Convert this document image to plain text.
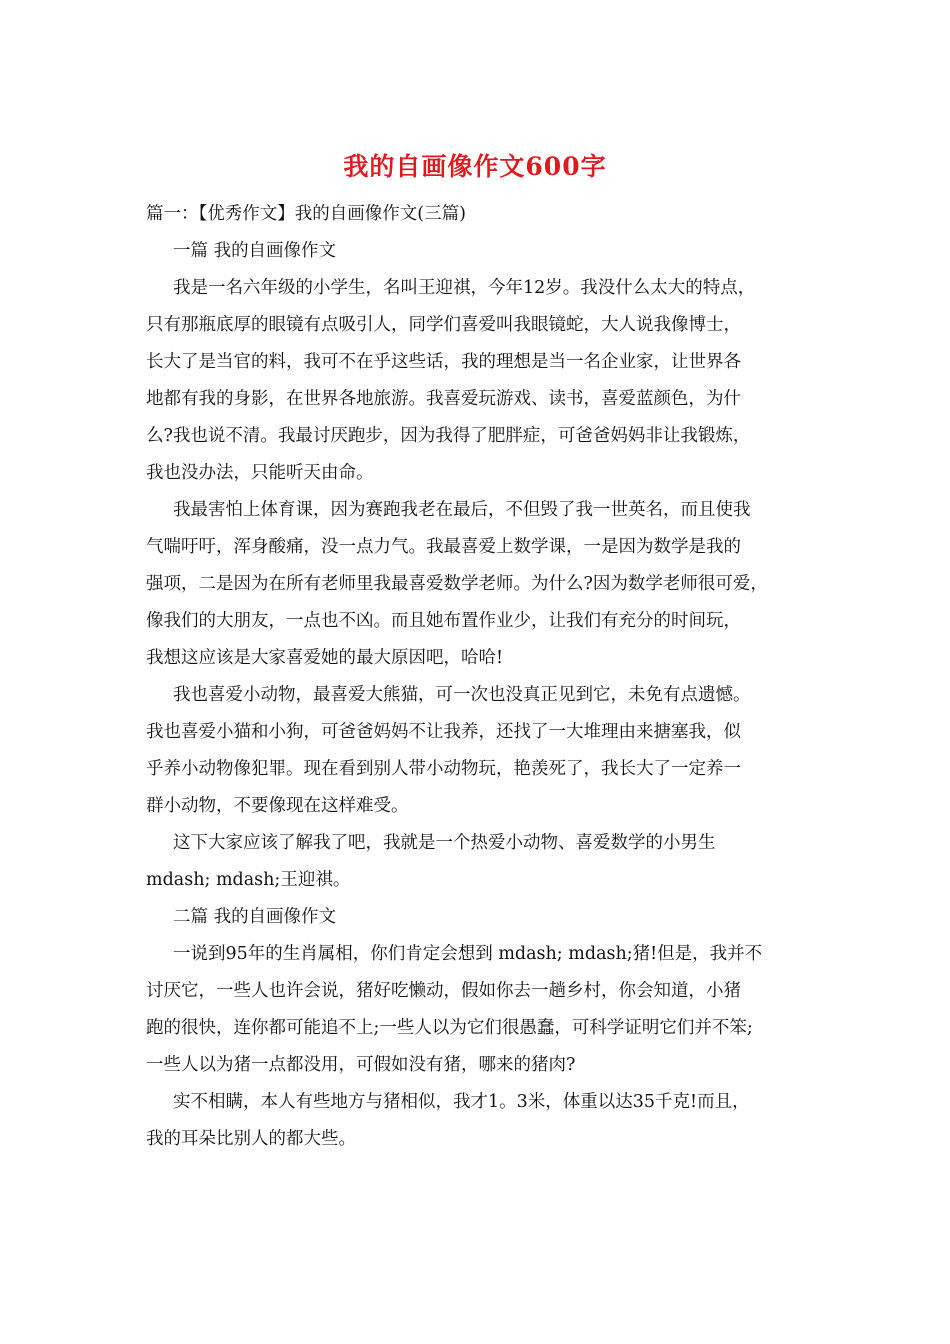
我的自画像作文600字
篇一：【优秀作文】我的自画像作文(三篇)
一篇 我的自画像作文
我是一名六年级的小学生，名叫王迎祺，今年12岁。我没什么太大的特点，
只有那瓶底厚的眼镜有点吸引人，同学们喜爱叫我眼镜蛇，大人说我像博士，
长大了是当官的料，我可不在乎这些话，我的理想是当一名企业家，让世界各
地都有我的身影，在世界各地旅游。我喜爱玩游戏、读书，喜爱蓝颜色，为什
么?我也说不清。我最讨厌跑步，因为我得了肥胖症，可爸爸妈妈非让我锻炼，
我也没办法，只能听天由命。
我最害怕上体育课，因为赛跑我老在最后，不但毁了我一世英名，而且使我
气喘吁吁，浑身酸痛，没一点力气。我最喜爱上数学课，一是因为数学是我的
强项，二是因为在所有老师里我最喜爱数学老师。为什么?因为数学老师很可爱，
像我们的大朋友，一点也不凶。而且她布置作业少，让我们有充分的时间玩，
我想这应该是大家喜爱她的最大原因吧，哈哈!
我也喜爱小动物，最喜爱大熊猫，可一次也没真正见到它，未免有点遗憾。
我也喜爱小猫和小狗，可爸爸妈妈不让我养，还找了一大堆理由来搪塞我，似
乎养小动物像犯罪。现在看到别人带小动物玩，艳羡死了，我长大了一定养一
群小动物，不要像现在这样难受。
这下大家应该了解我了吧，我就是一个热爱小动物、喜爱数学的小男生
mdash; mdash;王迎祺。
二篇 我的自画像作文
一说到95年的生肖属相，你们肯定会想到 mdash; mdash;猪!但是，我并不
讨厌它，一些人也许会说，猪好吃懒动，假如你去一趟乡村，你会知道，小猪
跑的很快，连你都可能追不上;一些人以为它们很愚蠢，可科学证明它们并不笨;
一些人以为猪一点都没用，可假如没有猪，哪来的猪肉?
实不相瞒，本人有些地方与猪相似，我才1。3米，体重以达35千克!而且，
我的耳朵比别人的都大些。
